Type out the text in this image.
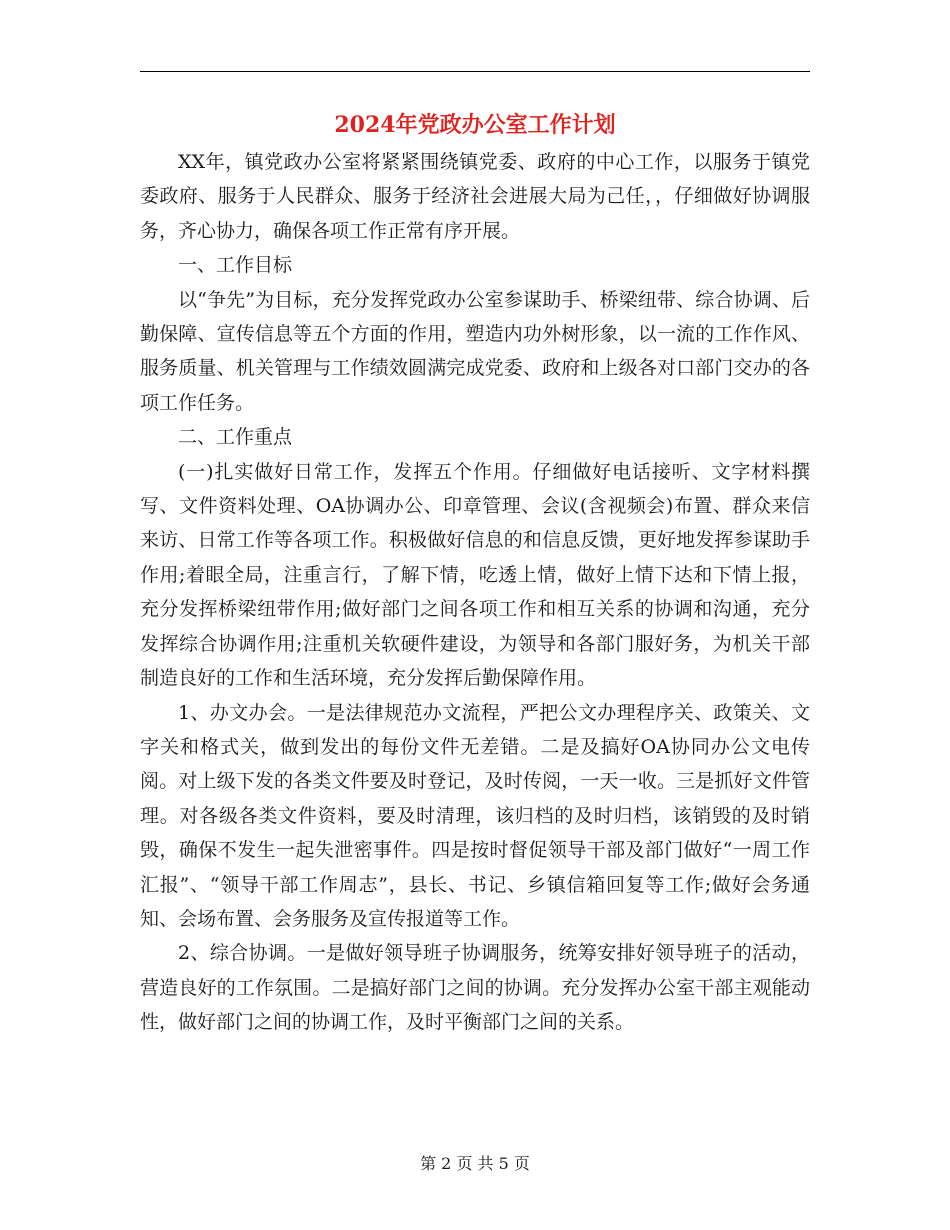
2024年党政办公室工作计划

XX年，镇党政办公室将紧紧围绕镇党委、政府的中心工作，以服务于镇党委政府、服务于人民群众、服务于经济社会进展大局为己任，，仔细做好协调服务，齐心协力，确保各项工作正常有序开展。

一、工作目标

以“争先”为目标，充分发挥党政办公室参谋助手、桥梁纽带、综合协调、后勤保障、宣传信息等五个方面的作用，塑造内功外树形象，以一流的工作作风、服务质量、机关管理与工作绩效圆满完成党委、政府和上级各对口部门交办的各项工作任务。

二、工作重点

(一)扎实做好日常工作，发挥五个作用。仔细做好电话接听、文字材料撰写、文件资料处理、OA协调办公、印章管理、会议(含视频会)布置、群众来信来访、日常工作等各项工作。积极做好信息的和信息反馈，更好地发挥参谋助手作用;着眼全局，注重言行，了解下情，吃透上情，做好上情下达和下情上报，充分发挥桥梁纽带作用;做好部门之间各项工作和相互关系的协调和沟通，充分发挥综合协调作用;注重机关软硬件建设，为领导和各部门服好务，为机关干部制造良好的工作和生活环境，充分发挥后勤保障作用。

1、办文办会。一是法律规范办文流程，严把公文办理程序关、政策关、文字关和格式关，做到发出的每份文件无差错。二是及搞好OA协同办公文电传阅。对上级下发的各类文件要及时登记，及时传阅，一天一收。三是抓好文件管理。对各级各类文件资料，要及时清理，该归档的及时归档，该销毁的及时销毁，确保不发生一起失泄密事件。四是按时督促领导干部及部门做好“一周工作汇报”、“领导干部工作周志”，县长、书记、乡镇信箱回复等工作;做好会务通知、会场布置、会务服务及宣传报道等工作。

2、综合协调。一是做好领导班子协调服务，统筹安排好领导班子的活动，营造良好的工作氛围。二是搞好部门之间的协调。充分发挥办公室干部主观能动性，做好部门之间的协调工作，及时平衡部门之间的关系。

第 2 页 共 5 页
